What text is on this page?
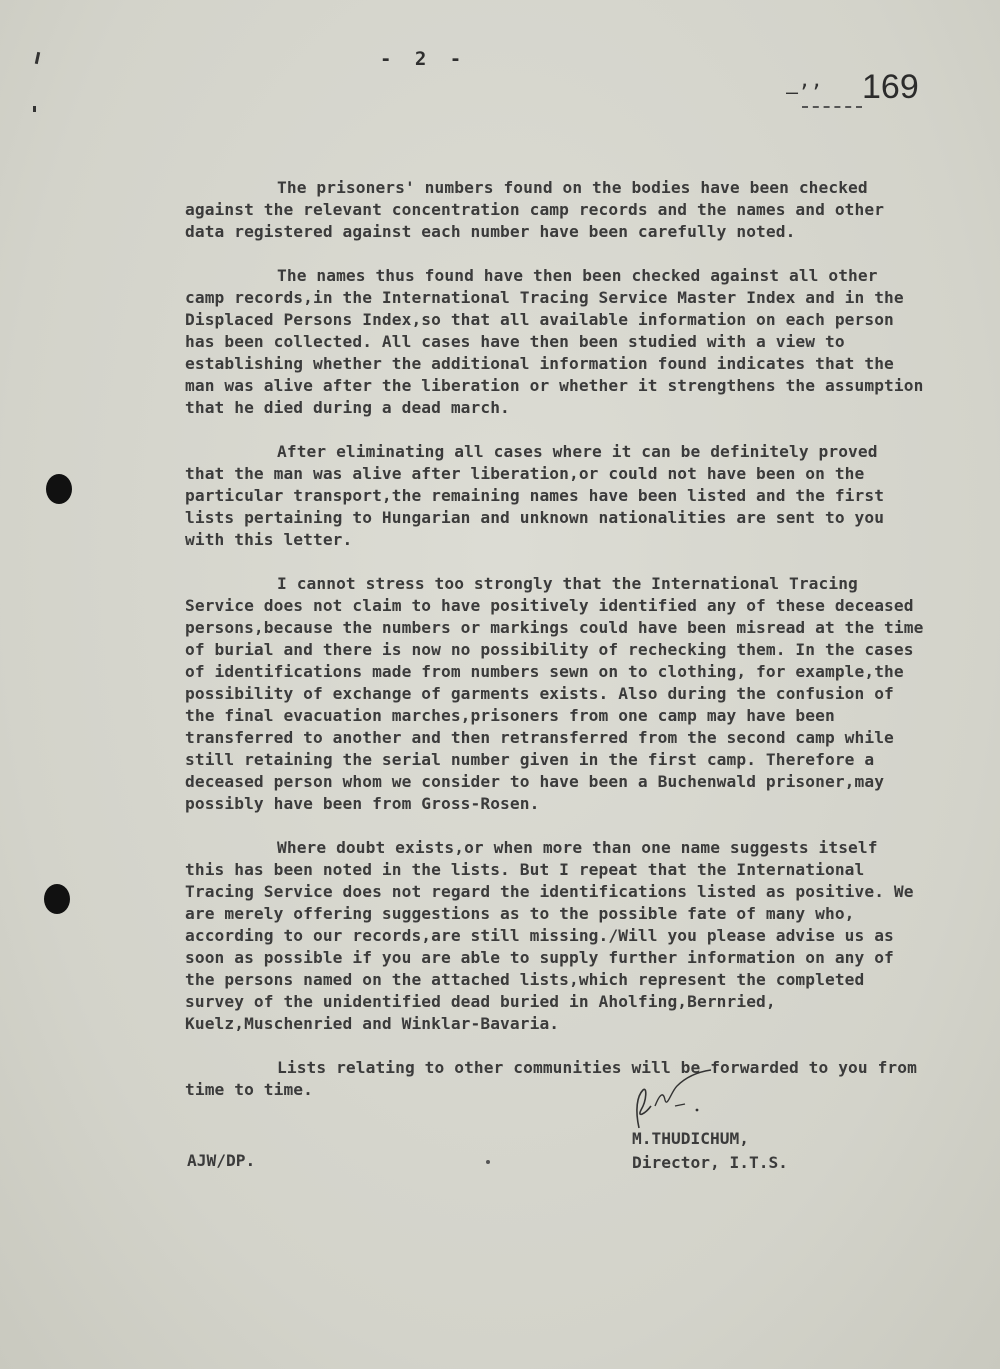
- 2 -
–ʼʼ 169

The prisoners' numbers found on the bodies have been checked against the relevant concentration camp records and the names and other data registered against each number have been carefully noted.

The names thus found have then been checked against all other camp records,in the International Tracing Service Master Index and in the Displaced Persons Index,so that all available information on each person has been collected. All cases have then been studied with a view to establishing whether the additional information found indicates that the man was alive after the liberation or whether it strengthens the assumption that he died during a dead march.

After eliminating all cases where it can be definitely proved that the man was alive after liberation,or could not have been on the particular transport,the remaining names have been listed and the first lists pertaining to Hungarian and unknown nationalities are sent to you with this letter.

I cannot stress too strongly that the International Tracing Service does not claim to have positively identified any of these deceased persons,because the numbers or markings could have been misread at the time of burial and there is now no possibility of rechecking them. In the cases of identifications made from numbers sewn on to clothing, for example,the possibility of exchange of garments exists. Also during the confusion of the final evacuation marches,prisoners from one camp may have been transferred to another and then retransferred from the second camp while still retaining the serial number given in the first camp. Therefore a deceased person whom we consider to have been a Buchenwald prisoner,may possibly have been from Gross-Rosen.

Where doubt exists,or when more than one name suggests itself this has been noted in the lists. But I repeat that the International Tracing Service does not regard the identifications listed as positive. We are merely offering suggestions as to the possible fate of many who, according to our records,are still missing./Will you please advise us as soon as possible if you are able to supply further information on any of the persons named on the attached lists,which represent the completed survey of the unidentified dead buried in Aholfing,Bernried, Kuelz,Muschenried and Winklar-Bavaria.

Lists relating to other communities will be forwarded to you from time to time.

M.THUDICHUM,
Director, I.T.S.
AJW/DP.
